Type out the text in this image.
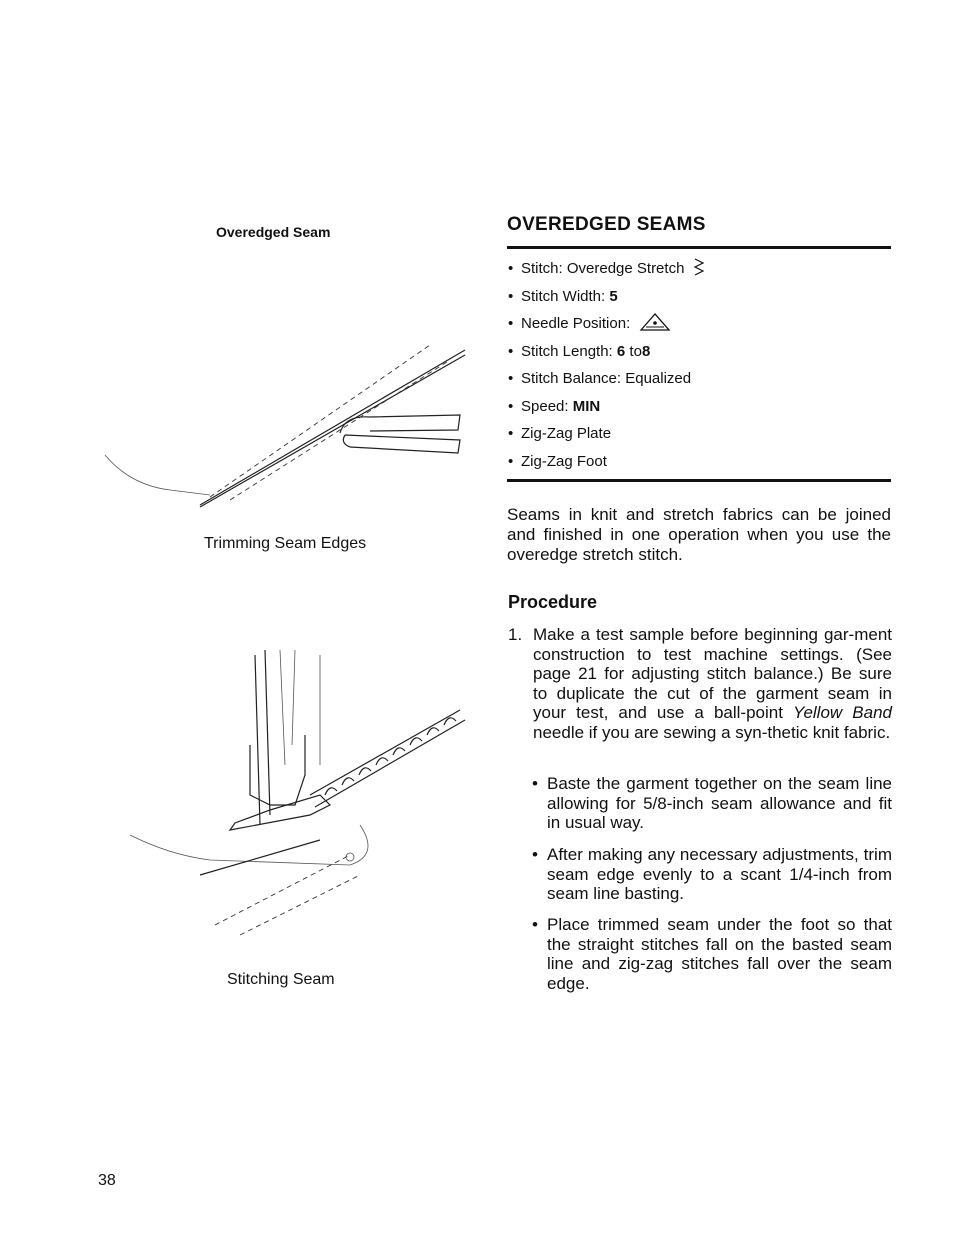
Overedged Seam
Trimming Seam Edges
Stitching Seam
OVEREDGED SEAMS
• Stitch: Overedge Stretch
• Stitch Width: 5
• Needle Position:
• Stitch Length: 6 to8
• Stitch Balance: Equalized
• Speed: MIN
• Zig-Zag Plate
• Zig-Zag Foot
Seams in knit and stretch fabrics can be joined and finished in one operation when you use the overedge stretch stitch.
Procedure
1. Make a test sample before beginning gar-ment construction to test machine settings. (See page 21 for adjusting stitch balance.) Be sure to duplicate the cut of the garment seam in your test, and use a ball-point Yellow Band needle if you are sewing a syn-thetic knit fabric.
• Baste the garment together on the seam line allowing for 5/8-inch seam allowance and fit in usual way.
• After making any necessary adjustments, trim seam edge evenly to a scant 1/4-inch from seam line basting.
• Place trimmed seam under the foot so that the straight stitches fall on the basted seam line and zig-zag stitches fall over the seam edge.
38
